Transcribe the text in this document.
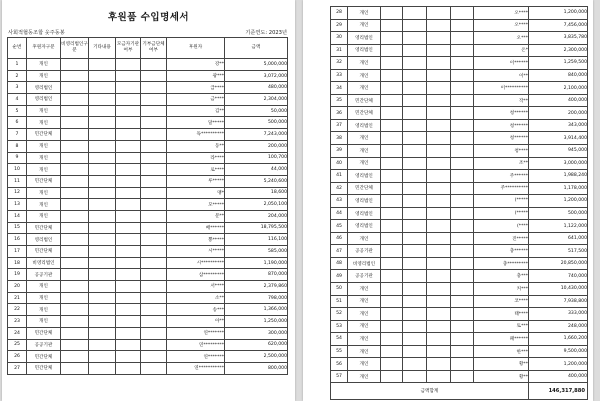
후원품 수입명세서
사회적협동조합 웃주동봉	기준연도: 2023년
순번	후원자구분	비영리법인구분	기타내용	모금자기관여부	기부금단체여부	후원자	금액
1	개인					강**	5,000,000
2	개인					광***	3,072,000
3	영리법인					급****	480,000
4	영리법인					금****	2,304,000
5	개인					김**	50,000
6	개인					달*****	500,000
7	민간단체					독**********	7,243,000
8	개인					동**	200,000
9	개인					라****	100,700
10	개인					로****	44,000
11	민간단체					루*****	5,240,600
12	개인					맹*	18,600
13	개인					모*****	2,050,100
14	개인					문**	204,000
15	민간단체					배******	18,795,500
16	영리법인					뿡*****	116,100
17	민간단체					시*****	585,000
18	비영리법인					시**********	1,190,000
19	공공기관					삼*********	870,000
20	개인					서****	2,379,860
21	개인					소**	798,000
22	개인					송***	1,366,000
23	개인					아**	1,250,000
24	민간단체					연*******	300,000
25	공공기관					연*********	620,000
26	민간단체					연*******	2,500,000
27	민간단체					연***********	800,000
28	개인					오****	1,200,000
29	개인					오****	7,456,000
30	영리법인					오***	3,835,780
31	영리법인					온*	2,300,000
32	개인					이******	1,259,500
33	개인					이**	840,000
34	개인					이**********	2,100,000
35	민간단체					작**	400,000
36	민간단체					청******	200,000
37	영리법인					청******	343,000
38	개인					청******	3,914,400
39	개인					청****	945,000
40	개인					조**	3,000,000
41	영리법인					주******	1,988,240
42	민간단체					주**********	1,178,000
43	영리법인					(*****	1,200,000
44	영리법인					(*****	500,000
45	영리법인					(****	1,122,000
46	개인					진*****	641,000
47	공공기관					충******	517,500
48	비영리법인					충*********	20,850,000
49	공공기관					충***	740,000
50	개인					커***	10,430,000
51	개인					코****	7,938,800
52	개인					태****	333,000
53	개인					토***	248,000
54	개인					패******	1,660,200
55	개인					한***	9,500,000
56	개인					황**	1,200,000
57	개인					황**	400,000
금액합계							146,317,880
